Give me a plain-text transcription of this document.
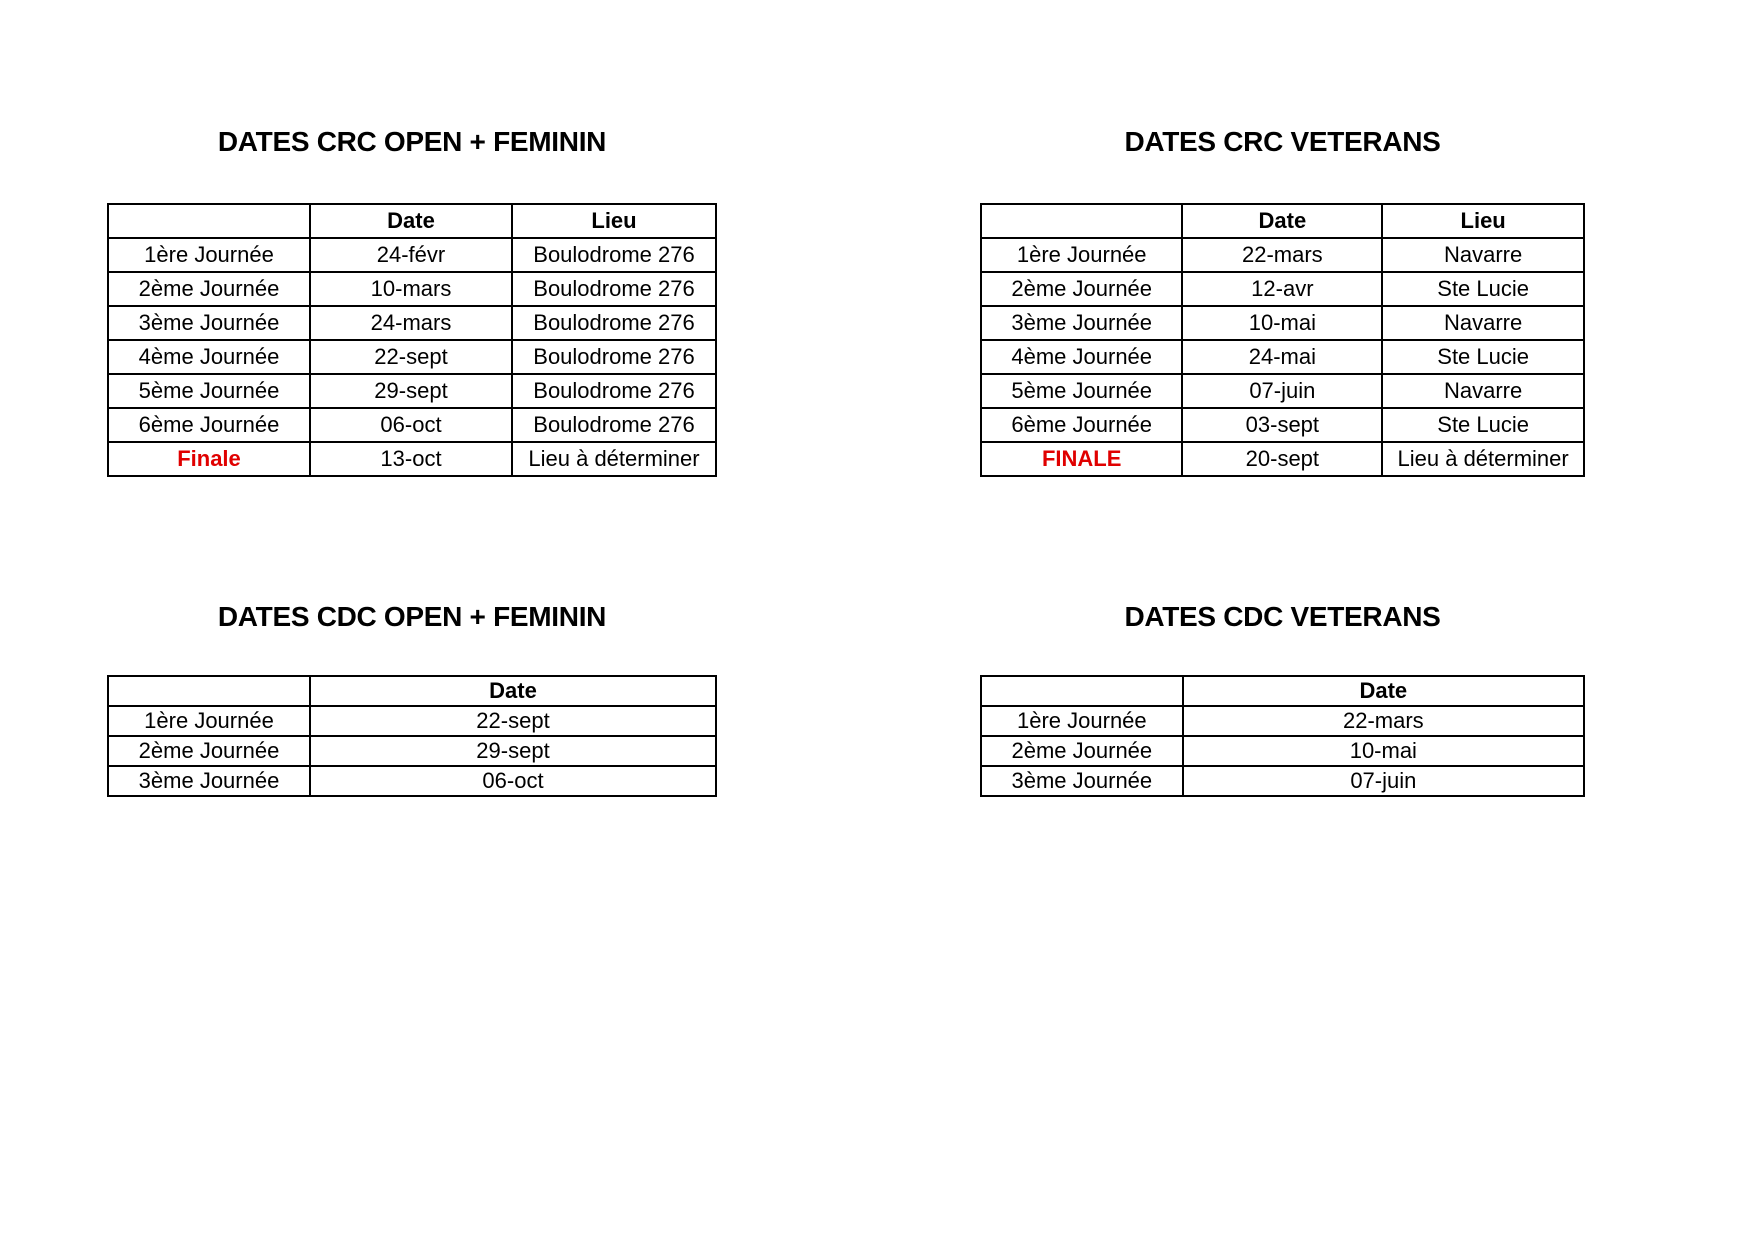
DATES CRC OPEN + FEMININ
	Date	Lieu
1ère Journée	24-févr	Boulodrome 276
2ème Journée	10-mars	Boulodrome 276
3ème Journée	24-mars	Boulodrome 276
4ème Journée	22-sept	Boulodrome 276
5ème Journée	29-sept	Boulodrome 276
6ème Journée	06-oct	Boulodrome 276
Finale	13-oct	Lieu à déterminer
DATES CRC VETERANS
	Date	Lieu
1ère Journée	22-mars	Navarre
2ème Journée	12-avr	Ste Lucie
3ème Journée	10-mai	Navarre
4ème Journée	24-mai	Ste Lucie
5ème Journée	07-juin	Navarre
6ème Journée	03-sept	Ste Lucie
FINALE	20-sept	Lieu à déterminer
DATES CDC OPEN + FEMININ
	Date
1ère Journée	22-sept
2ème Journée	29-sept
3ème Journée	06-oct
DATES CDC VETERANS
	Date
1ère Journée	22-mars
2ème Journée	10-mai
3ème Journée	07-juin
